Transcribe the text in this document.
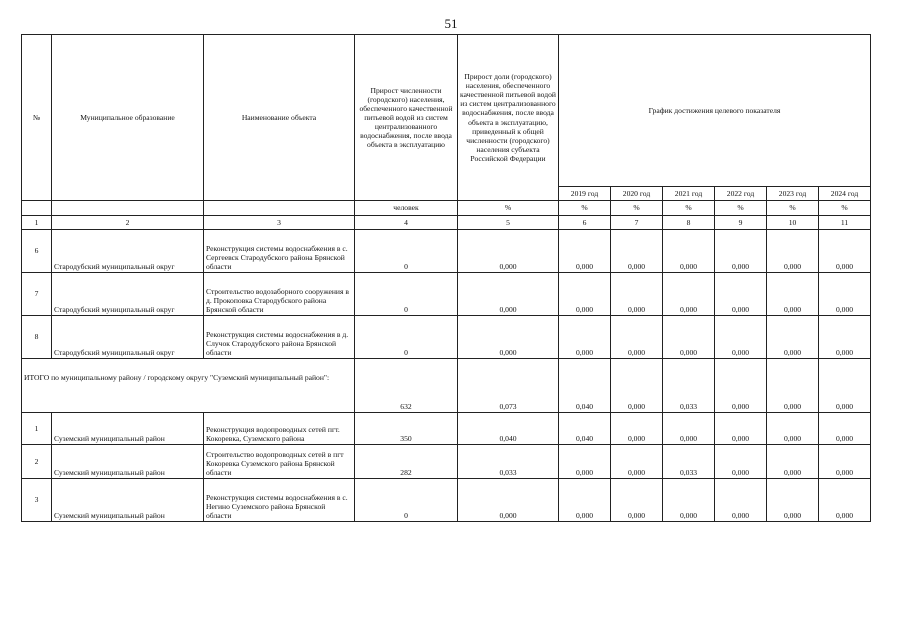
51
№	Муниципальное образование	Наименование объекта	Прирост численности (городского) населения, обеспеченного качественной питьевой водой из систем централизованного водоснабжения, после ввода объекта в эксплуатацию	Прирост доли (городского) населения, обеспеченного качественной питьевой водой из систем централизованного водоснабжения, после ввода объекта в эксплуатацию, приведенный к общей численности (городского) населения субъекта Российской Федерации	График достижения целевого показателя					
					2019 год	2020 год	2021 год	2022 год	2023 год	2024 год
			человек	%	%	%	%	%	%	%
1	2	3	4	5	6	7	8	9	10	11
6	Стародубский муниципальный округ	Реконструкция системы водоснабжения в с. Сергеевск Стародубского района Брянской области	0	0,000	0,000	0,000	0,000	0,000	0,000	0,000
7	Стародубский муниципальный округ	Строительство водозаборного сооружения в д. Прокоповка Стародубского района Брянской области	0	0,000	0,000	0,000	0,000	0,000	0,000	0,000
8	Стародубский муниципальный округ	Реконструкция системы водоснабжения в д. Случок Стародубского района Брянской области	0	0,000	0,000	0,000	0,000	0,000	0,000	0,000
ИТОГО по муниципальному району / городскому округу "Суземский муниципальный район":			632	0,073	0,040	0,000	0,033	0,000	0,000	0,000
1	Суземский муниципальный район	Реконструкция водопроводных сетей пгт. Кокоревка, Суземского района	350	0,040	0,040	0,000	0,000	0,000	0,000	0,000
2	Суземский муниципальный район	Строительство водопроводных сетей в пгт Кокоревка Суземского района Брянской области	282	0,033	0,000	0,000	0,033	0,000	0,000	0,000
3	Суземский муниципальный район	Реконструкция системы водоснабжения в с. Негино Суземского района Брянской области	0	0,000	0,000	0,000	0,000	0,000	0,000	0,000
